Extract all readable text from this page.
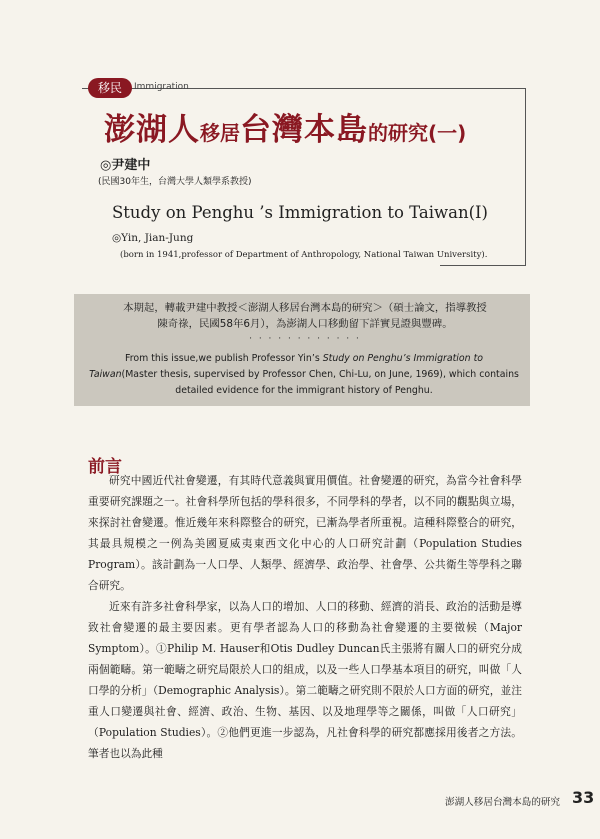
移民	Immigration
澎湖人移居台灣本島的研究(一)
◎尹建中
(民國30年生，台灣大學人類學系教授)
Study on Penghu ’s Immigration to Taiwan(Ⅰ)
◎Yin, Jian-Jung
(born in 1941,professor of Department of Anthropology, National Taiwan University).
本期起，轉載尹建中教授＜澎湖人移居台灣本島的研究＞（碩士論文，指導教授
陳奇祿，民國58年6月），為澎湖人口移動留下詳實見證與豐碑。
· · · · · · · · · · · ·
From this issue,we publish Professor Yin’s Study on Penghu’s Immigration to
Taiwan(Master thesis, supervised by Professor Chen, Chi-Lu, on June, 1969), which contains detailed evidence for the immigrant history of Penghu.
前言

研究中國近代社會變遷，有其時代意義與實用價值。社會變遷的研究，為當今社會科學重要研究課題之一。社會科學所包括的學科很多，不同學科的學者，以不同的觀點與立場，來探討社會變遷。惟近幾年來科際整合的研究，已漸為學者所重視。這種科際整合的研究，其最具規模之一例為美國夏威夷東西文化中心的人口研究計劃（Population Studies Program）。該計劃為一人口學、人類學、經濟學、政治學、社會學、公共衛生等學科之聯合研究。

近來有許多社會科學家，以為人口的增加、人口的移動、經濟的消長、政治的活動是導致社會變遷的最主要因素。更有學者認為人口的移動為社會變遷的主要徵候（Major Symptom）。①Philip M. Hauser和Otis Dudley Duncan氏主張將有關人口的研究分成兩個範疇。第一範疇之研究局限於人口的組成，以及一些人口學基本項目的研究，叫做「人口學的分析」（Demographic Analysis）。第二範疇之研究則不限於人口方面的研究，並注重人口變遷與社會、經濟、政治、生物、基因、以及地理學等之關係，叫做「人口研究」（Population Studies）。②他們更進一步認為，凡社會科學的研究都應採用後者之方法。筆者也以為此種

澎湖人移居台灣本島的研究 33
